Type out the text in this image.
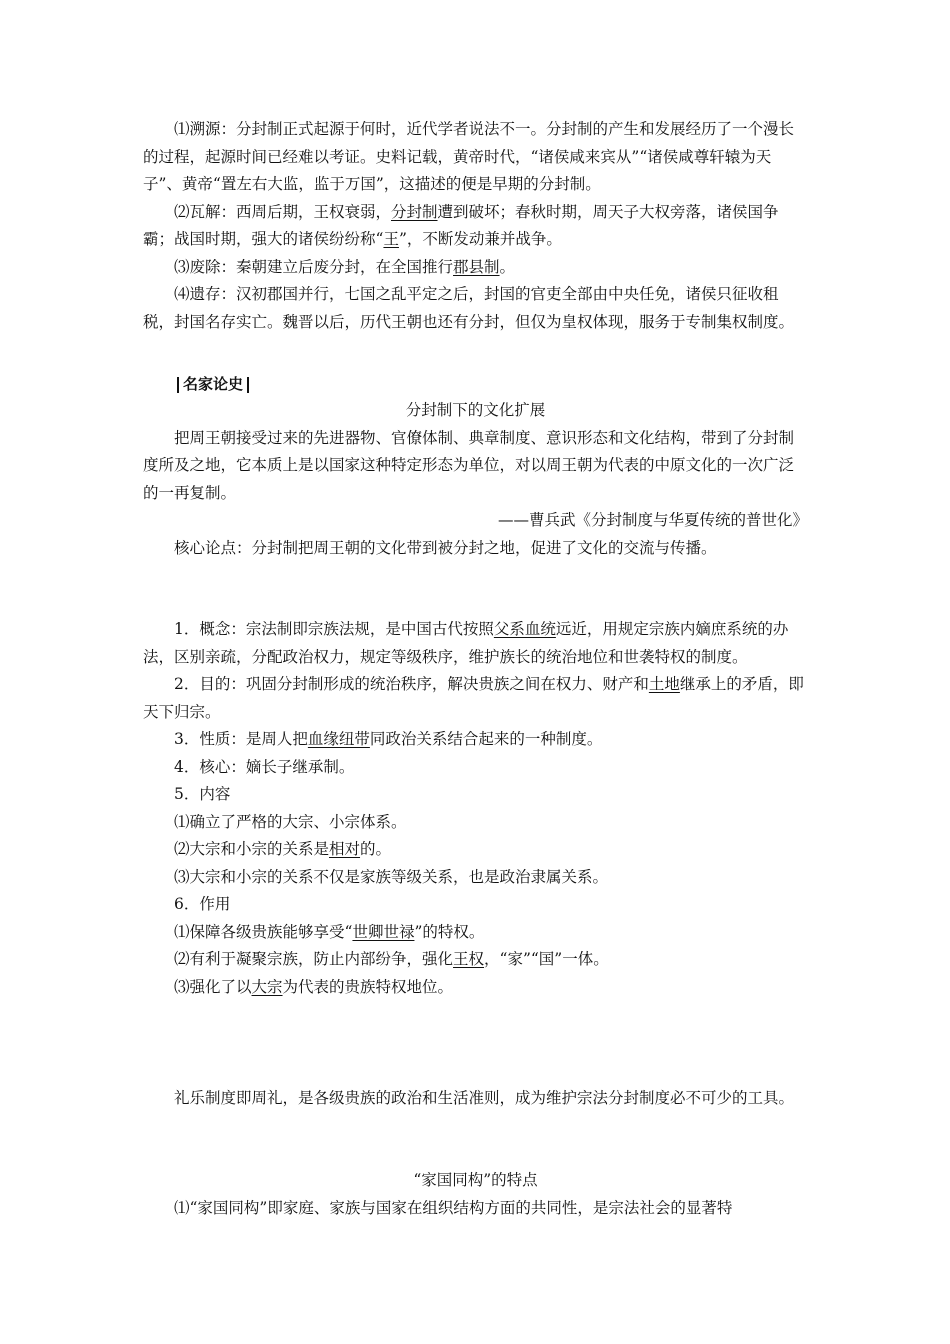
⑴溯源：分封制正式起源于何时，近代学者说法不一。分封制的产生和发展经历了一个漫长的过程，起源时间已经难以考证。史料记载，黄帝时代，“诸侯咸来宾从”“诸侯咸尊轩辕为天子”、黄帝“置左右大监，监于万国”，这描述的便是早期的分封制。

⑵瓦解：西周后期，王权衰弱，分封制遭到破坏；春秋时期，周天子大权旁落，诸侯国争霸；战国时期，强大的诸侯纷纷称“王”，不断发动兼并战争。

⑶废除：秦朝建立后废分封，在全国推行郡县制。

⑷遗存：汉初郡国并行，七国之乱平定之后，封国的官吏全部由中央任免，诸侯只征收租税，封国名存实亡。魏晋以后，历代王朝也还有分封，但仅为皇权体现，服务于专制集权制度。

名家论史

分封制下的文化扩展

把周王朝接受过来的先进器物、官僚体制、典章制度、意识形态和文化结构，带到了分封制度所及之地，它本质上是以国家这种特定形态为单位，对以周王朝为代表的中原文化的一次广泛的一再复制。

——曹兵武《分封制度与华夏传统的普世化》

核心论点：分封制把周王朝的文化带到被分封之地，促进了文化的交流与传播。

1．概念：宗法制即宗族法规，是中国古代按照父系血统远近，用规定宗族内嫡庶系统的办法，区别亲疏，分配政治权力，规定等级秩序，维护族长的统治地位和世袭特权的制度。

2．目的：巩固分封制形成的统治秩序，解决贵族之间在权力、财产和土地继承上的矛盾，即天下归宗。

3．性质：是周人把血缘纽带同政治关系结合起来的一种制度。

4．核心：嫡长子继承制。

5．内容

⑴确立了严格的大宗、小宗体系。

⑵大宗和小宗的关系是相对的。

⑶大宗和小宗的关系不仅是家族等级关系，也是政治隶属关系。

6．作用

⑴保障各级贵族能够享受“世卿世禄”的特权。

⑵有利于凝聚宗族，防止内部纷争，强化王权，“家”“国”一体。

⑶强化了以大宗为代表的贵族特权地位。

礼乐制度即周礼，是各级贵族的政治和生活准则，成为维护宗法分封制度必不可少的工具。

“家国同构”的特点

⑴“家国同构”即家庭、家族与国家在组织结构方面的共同性，是宗法社会的显著特
